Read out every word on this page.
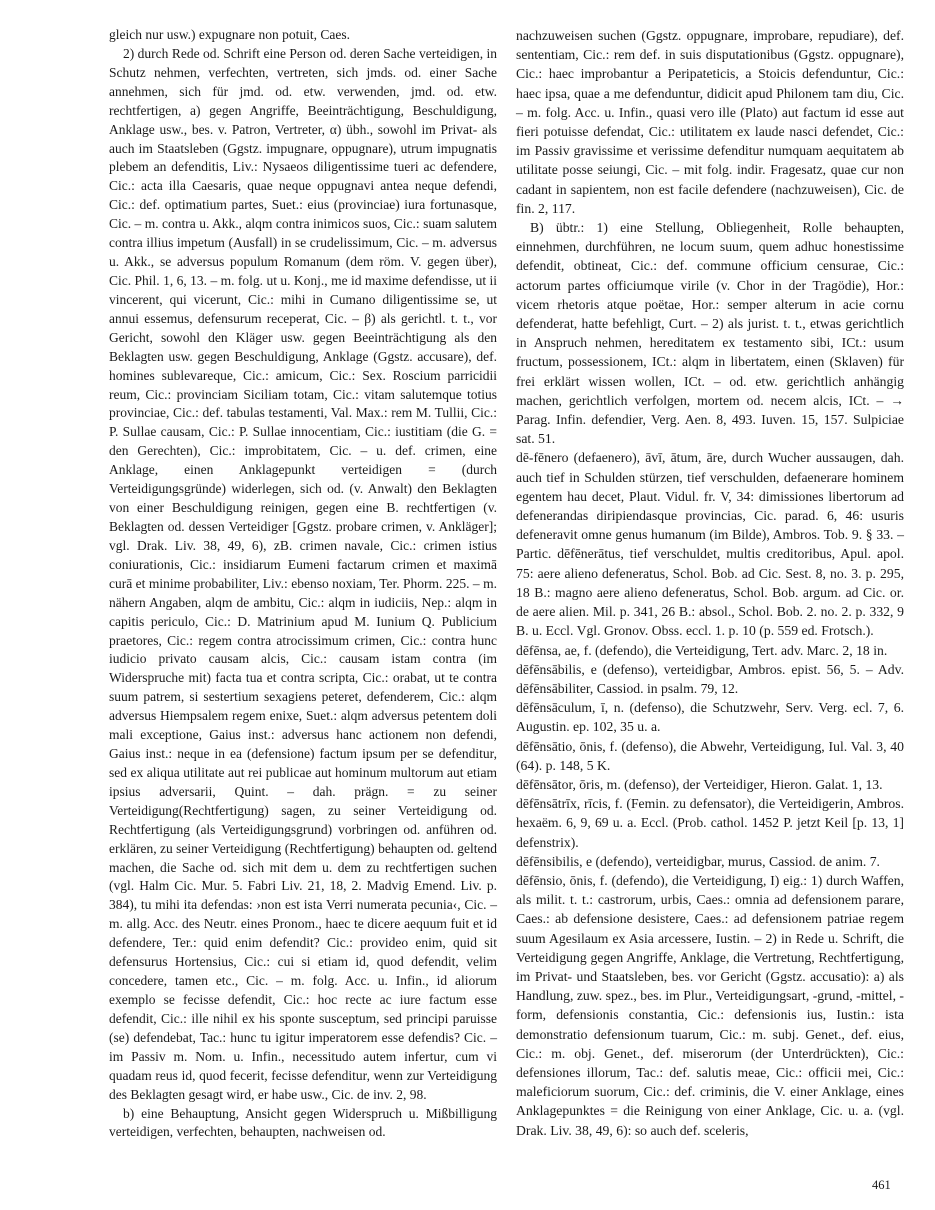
gleich nur usw.) expugnare non potuit, Caes.

2) durch Rede od. Schrift eine Person od. deren Sache verteidigen, in Schutz nehmen, verfechten, vertreten, sich jmds. od. einer Sache annehmen, sich für jmd. od. etw. verwenden, jmd. od. etw. rechtfertigen, a) gegen Angriffe, Beeinträchtigung, Beschuldigung, Anklage usw., bes. v. Patron, Vertreter, α) übh., sowohl im Privat- als auch im Staatsleben (Ggstz. impugnare, oppugnare), utrum impugnatis plebem an defenditis, Liv.: Nysaeos diligentissime tueri ac defendere, Cic.: acta illa Caesaris, quae neque oppugnavi antea neque defendi, Cic.: def. optimatium partes, Suet.: eius (provinciae) iura fortunasque, Cic. – m. contra u. Akk., alqm contra inimicos suos, Cic.: suam salutem contra illius impetum (Ausfall) in se crudelissimum, Cic. – m. adversus u. Akk., se adversus populum Romanum (dem röm. V. gegen über), Cic. Phil. 1, 6, 13. – m. folg. ut u. Konj., me id maxime defendisse, ut ii vincerent, qui vicerunt, Cic.: mihi in Cumano diligentissime se, ut annui essemus, defensurum receperat, Cic. – β) als gerichtl. t. t., vor Gericht, sowohl den Kläger usw. gegen Beeinträchtigung als den Beklagten usw. gegen Beschuldigung, Anklage (Ggstz. accusare), def. homines sublevareque, Cic.: amicum, Cic.: Sex. Roscium parricidii reum, Cic.: provinciam Siciliam totam, Cic.: vitam salutemque totius provinciae, Cic.: def. tabulas testamenti, Val. Max.: rem M. Tullii, Cic.: P. Sullae causam, Cic.: P. Sullae innocentiam, Cic.: iustitiam (die G. = den Gerechten), Cic.: improbitatem, Cic. – u. def. crimen, eine Anklage, einen Anklagepunkt verteidigen = (durch Verteidigungsgründe) widerlegen, sich od. (v. Anwalt) den Beklagten von einer Beschuldigung reinigen, gegen eine B. rechtfertigen (v. Beklagten od. dessen Verteidiger [Ggstz. probare crimen, v. Ankläger]; vgl. Drak. Liv. 38, 49, 6), zB. crimen navale, Cic.: crimen istius coniurationis, Cic.: insidiarum Eumeni factarum crimen et maximā curā et minime probabiliter, Liv.: ebenso noxiam, Ter. Phorm. 225. – m. nähern Angaben, alqm de ambitu, Cic.: alqm in iudiciis, Nep.: alqm in capitis periculo, Cic.: D. Matrinium apud M. Iunium Q. Publicium praetores, Cic.: regem contra atrocissimum crimen, Cic.: contra hunc iudicio privato causam alcis, Cic.: causam istam contra (im Widerspruche mit) facta tua et contra scripta, Cic.: orabat, ut te contra suum patrem, si sestertium sexagiens peteret, defenderem, Cic.: alqm adversus Hiempsalem regem enixe, Suet.: alqm adversus petentem doli mali exceptione, Gaius inst.: adversus hanc actionem non defendi, Gaius inst.: neque in ea (defensione) factum ipsum per se defenditur, sed ex aliqua utilitate aut rei publicae aut hominum multorum aut etiam ipsius adversarii, Quint. – dah. prägn. = zu seiner Verteidigung(Rechtfertigung) sagen, zu seiner Verteidigung od. Rechtfertigung (als Verteidigungsgrund) vorbringen od. anführen od. erklären, zu seiner Verteidigung (Rechtfertigung) behaupten od. geltend machen, die Sache od. sich mit dem u. dem zu rechtfertigen suchen (vgl. Halm Cic. Mur. 5. Fabri Liv. 21, 18, 2. Madvig Emend. Liv. p. 384), tu mihi ita defendas: ›non est ista Verri numerata pecunia‹, Cic. – m. allg. Acc. des Neutr. eines Pronom., haec te dicere aequum fuit et id defendere, Ter.: quid enim defendit? Cic.: provideo enim, quid sit defensurus Hortensius, Cic.: cui si etiam id, quod defendit, velim concedere, tamen etc., Cic. – m. folg. Acc. u. Infin., id aliorum exemplo se fecisse defendit, Cic.: hoc recte ac iure factum esse defendit, Cic.: ille nihil ex his sponte susceptum, sed principi paruisse (se) defendebat, Tac.: hunc tu igitur imperatorem esse defendis? Cic. – im Passiv m. Nom. u. Infin., necessitudo autem infertur, cum vi quadam reus id, quod fecerit, fecisse defenditur, wenn zur Verteidigung des Beklagten gesagt wird, er habe usw., Cic. de inv. 2, 98.

b) eine Behauptung, Ansicht gegen Widerspruch u. Mißbilligung verteidigen, verfechten, behaupten, nachweisen od.

nachzuweisen suchen (Ggstz. oppugnare, improbare, repudiare), def. sententiam, Cic.: rem def. in suis disputationibus (Ggstz. oppugnare), Cic.: haec improbantur a Peripateticis, a Stoicis defenduntur, Cic.: haec ipsa, quae a me defenduntur, didicit apud Philonem tam diu, Cic. – m. folg. Acc. u. Infin., quasi vero ille (Plato) aut factum id esse aut fieri potuisse defendat, Cic.: utilitatem ex laude nasci defendet, Cic.: im Passiv gravissime et verissime defenditur numquam aequitatem ab utilitate posse seiungi, Cic. – mit folg. indir. Fragesatz, quae cur non cadant in sapientem, non est facile defendere (nachzuweisen), Cic. de fin. 2, 117.

B) übtr.: 1) eine Stellung, Obliegenheit, Rolle behaupten, einnehmen, durchführen, ne locum suum, quem adhuc honestissime defendit, obtineat, Cic.: def. commune officium censurae, Cic.: actorum partes officiumque virile (v. Chor in der Tragödie), Hor.: vicem rhetoris atque poëtae, Hor.: semper alterum in acie cornu defenderat, hatte befehligt, Curt. – 2) als jurist. t. t., etwas gerichtlich in Anspruch nehmen, hereditatem ex testamento sibi, ICt.: usum fructum, possessionem, ICt.: alqm in libertatem, einen (Sklaven) für frei erklärt wissen wollen, ICt. – od. etw. gerichtlich anhängig machen, gerichtlich verfolgen, mortem od. necem alcis, ICt. – → Parag. Infin. defendier, Verg. Aen. 8, 493. Iuven. 15, 157. Sulpiciae sat. 51.

dē-fēnero (defaenero), āvī, ātum, āre, durch Wucher aussaugen, dah. auch tief in Schulden stürzen, tief verschulden, defaenerare hominem egentem hau decet, Plaut. Vidul. fr. V, 34: dimissiones libertorum ad defenerandas diripiendasque provincias, Cic. parad. 6, 46: usuris defeneravit omne genus humanum (im Bilde), Ambros. Tob. 9. § 33. – Partic. dēfēnerātus, tief verschuldet, multis creditoribus, Apul. apol. 75: aere alieno defeneratus, Schol. Bob. ad Cic. Sest. 8, no. 3. p. 295, 18 B.: magno aere alieno defeneratus, Schol. Bob. argum. ad Cic. or. de aere alien. Mil. p. 341, 26 B.: absol., Schol. Bob. 2. no. 2. p. 332, 9 B. u. Eccl. Vgl. Gronov. Obss. eccl. 1. p. 10 (p. 559 ed. Frotsch.).

dēfēnsa, ae, f. (defendo), die Verteidigung, Tert. adv. Marc. 2, 18 in.

dēfēnsābilis, e (defenso), verteidigbar, Ambros. epist. 56, 5. – Adv. dēfēnsābiliter, Cassiod. in psalm. 79, 12.

dēfēnsāculum, ī, n. (defenso), die Schutzwehr, Serv. Verg. ecl. 7, 6. Augustin. ep. 102, 35 u. a.

dēfēnsātio, ōnis, f. (defenso), die Abwehr, Verteidigung, Iul. Val. 3, 40 (64). p. 148, 5 K.

dēfēnsātor, ōris, m. (defenso), der Verteidiger, Hieron. Galat. 1, 13.

dēfēnsātrīx, rīcis, f. (Femin. zu defensator), die Verteidigerin, Ambros. hexaëm. 6, 9, 69 u. a. Eccl. (Prob. cathol. 1452 P. jetzt Keil [p. 13, 1] defenstrix).

dēfēnsibilis, e (defendo), verteidigbar, murus, Cassiod. de anim. 7.

dēfēnsio, ōnis, f. (defendo), die Verteidigung, I) eig.: 1) durch Waffen, als milit. t. t.: castrorum, urbis, Caes.: omnia ad defensionem parare, Caes.: ab defensione desistere, Caes.: ad defensionem patriae regem suum Agesilaum ex Asia arcessere, Iustin. – 2) in Rede u. Schrift, die Verteidigung gegen Angriffe, Anklage, die Vertretung, Rechtfertigung, im Privat- und Staatsleben, bes. vor Gericht (Ggstz. accusatio): a) als Handlung, zuw. spez., bes. im Plur., Verteidigungsart, -grund, -mittel, -form, defensionis constantia, Cic.: defensionis ius, Iustin.: ista demonstratio defensionum tuarum, Cic.: m. subj. Genet., def. eius, Cic.: m. obj. Genet., def. miserorum (der Unterdrückten), Cic.: defensiones illorum, Tac.: def. salutis meae, Cic.: officii mei, Cic.: maleficiorum suorum, Cic.: def. criminis, die V. einer Anklage, eines Anklagepunktes = die Reinigung von einer Anklage, Cic. u. a. (vgl. Drak. Liv. 38, 49, 6): so auch def. sceleris,

461
